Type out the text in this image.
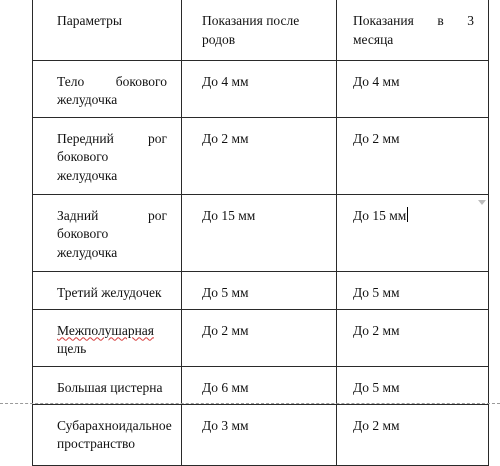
Параметры	Показания после родов	Показания в 3 месяца

Тело бокового желудочка	До 4 мм	До 4 мм

Передний рог бокового желудочка	До 2 мм	До 2 мм

Задний рог бокового желудочка	До 15 мм	До 15 мм

Третий желудочек	До 5 мм	До 5 мм

Межполушарная
щель	До 2 мм	До 2 мм

Большая цистерна	До 6 мм	До 5 мм

Субарахноидальное пространство	До 3 мм	До 2 мм
